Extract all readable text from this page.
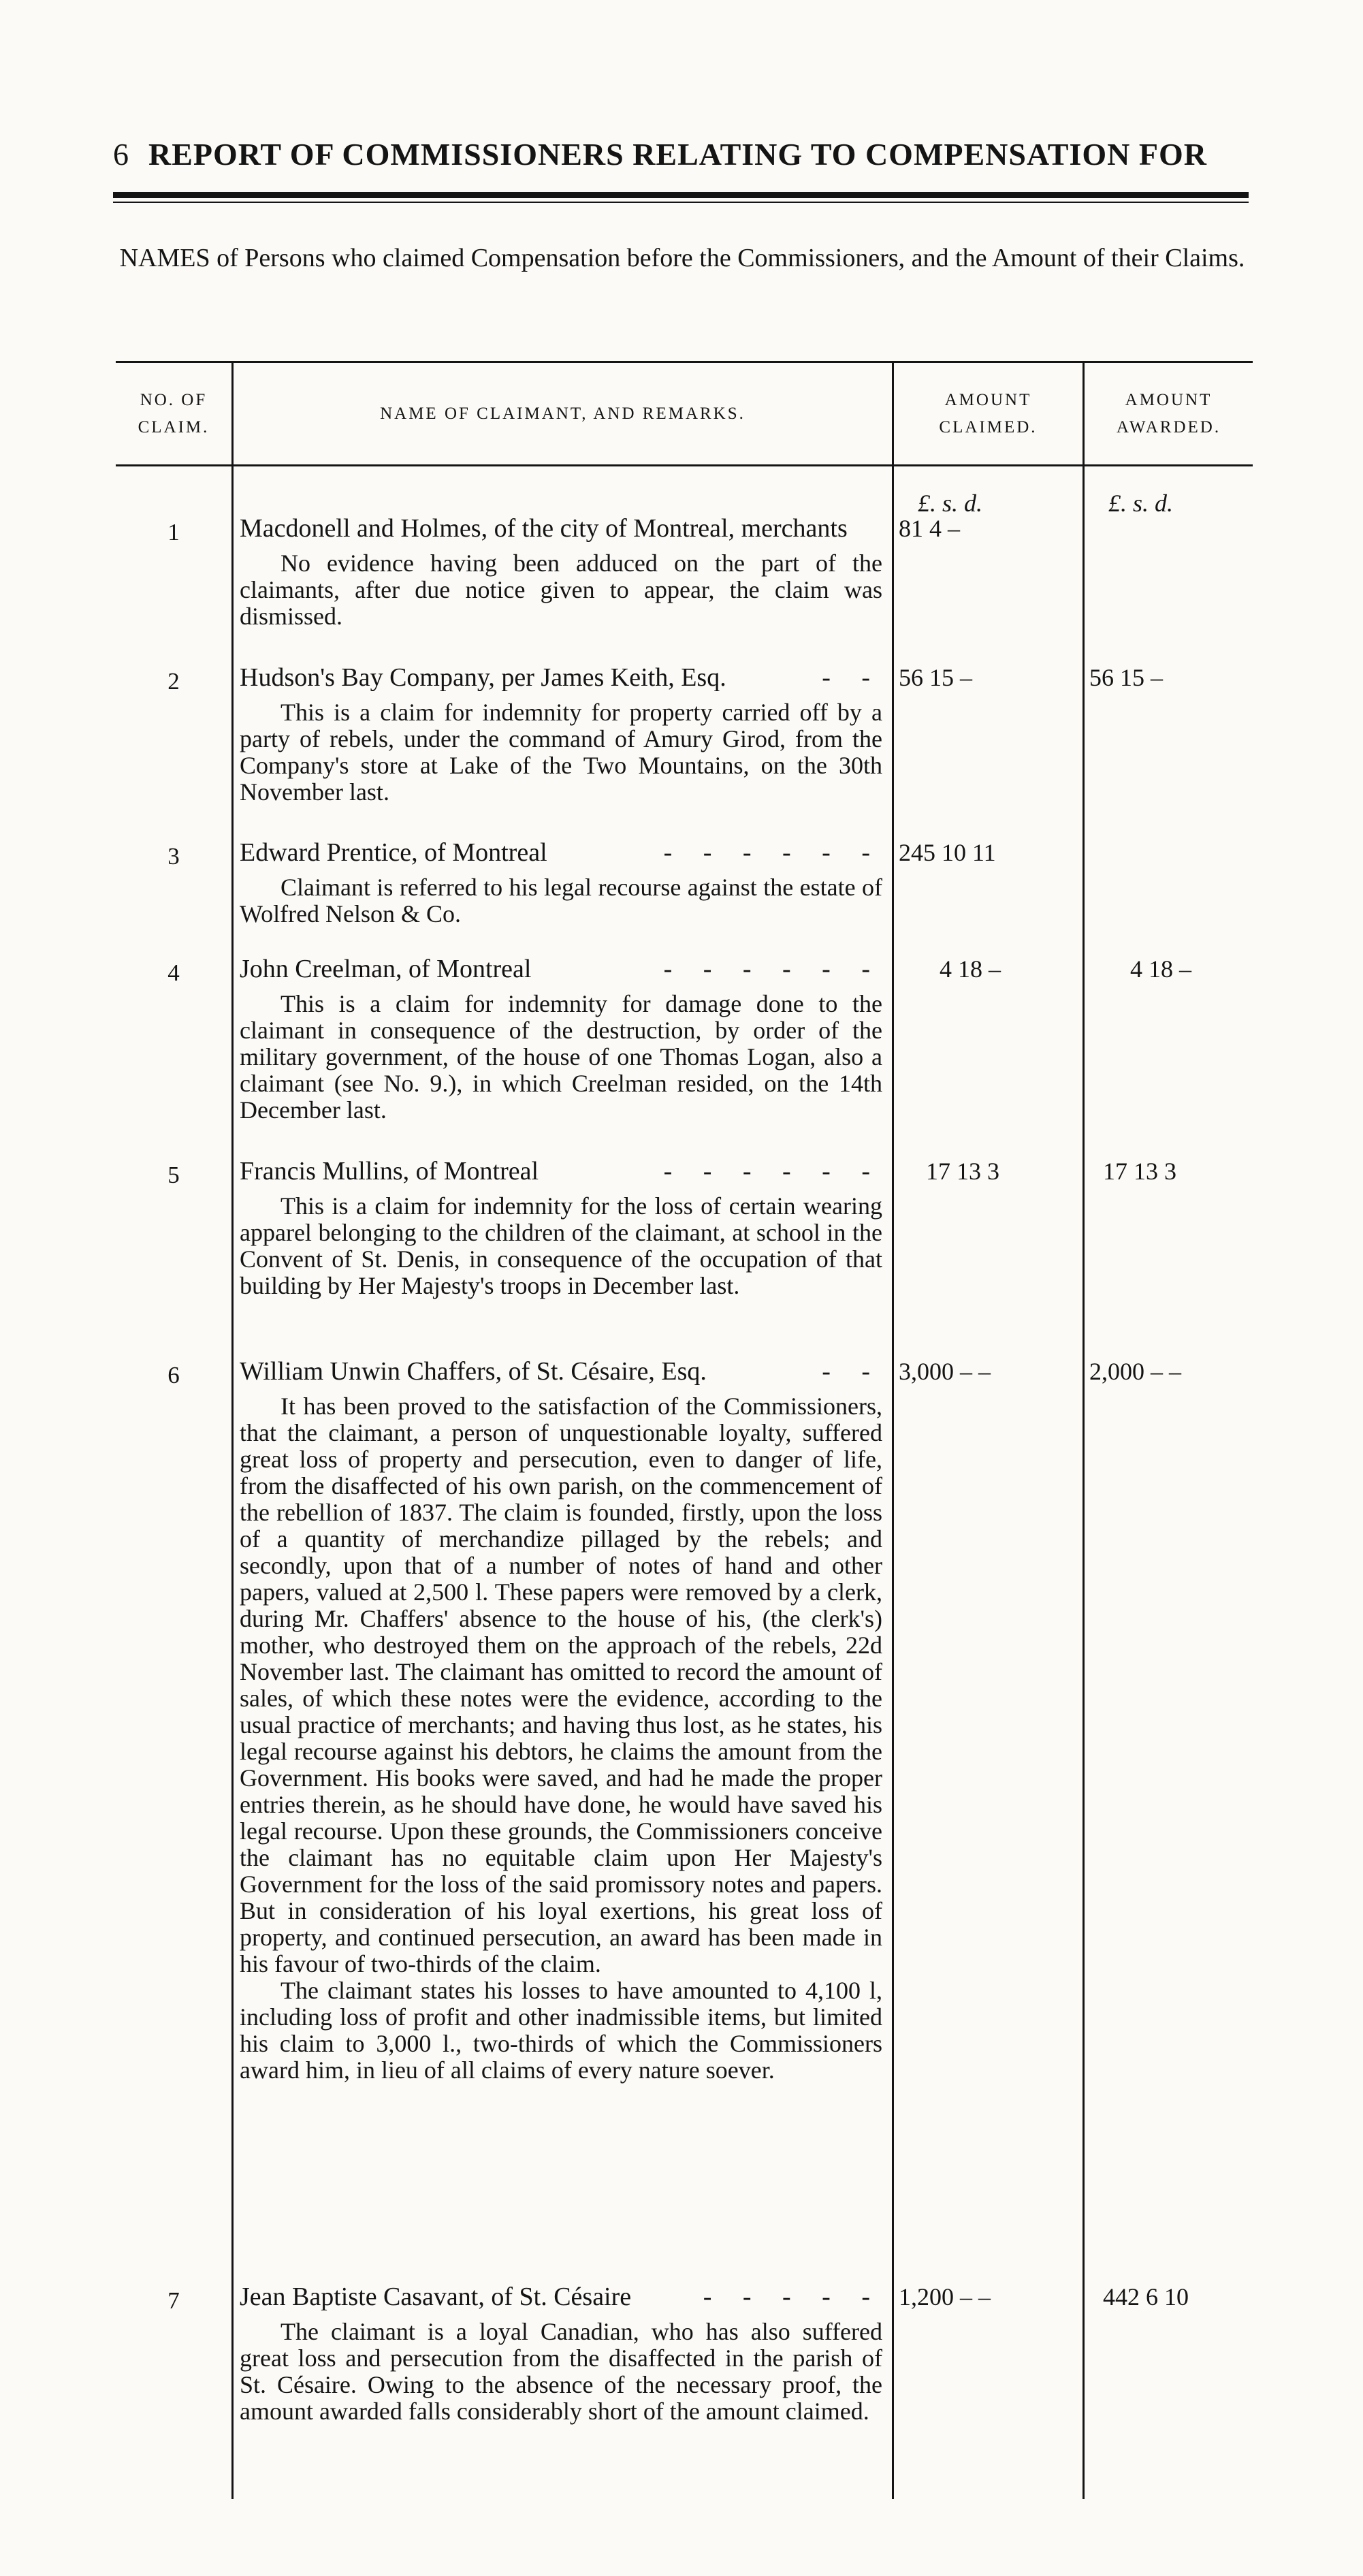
6 REPORT OF COMMISSIONERS RELATING TO COMPENSATION FOR
NAMES of Persons who claimed Compensation before the Commissioners, and the Amount of their Claims.
NO. OF
CLAIM.
NAME OF CLAIMANT, AND REMARKS.
AMOUNT
CLAIMED.
AMOUNT
AWARDED.
£. s. d.	£. s. d.
1	Macdonell and Holmes, of the city of Montreal, merchants
No evidence having been adduced on the part of the claimants, after due notice given to appear, the claim was dismissed.
81 4 –
2	Hudson's Bay Company, per James Keith, Esq.	- -
This is a claim for indemnity for property carried off by a party of rebels, under the command of Amury Girod, from the Company's store at Lake of the Two Mountains, on the 30th November last.
56 15 –	56 15 –
3	Edward Prentice, of Montreal	- - - - - -
Claimant is referred to his legal recourse against the estate of Wolfred Nelson & Co.
245 10 11
4	John Creelman, of Montreal	- - - - - -
This is a claim for indemnity for damage done to the claimant in consequence of the destruction, by order of the military government, of the house of one Thomas Logan, also a claimant (see No. 9.), in which Creelman resided, on the 14th December last.
4 18 –	4 18 –
5	Francis Mullins, of Montreal	- - - - - -
This is a claim for indemnity for the loss of certain wearing apparel belonging to the children of the claimant, at school in the Convent of St. Denis, in consequence of the occupation of that building by Her Majesty's troops in December last.
17 13 3	17 13 3
6	William Unwin Chaffers, of St. Césaire, Esq.	- -

It has been proved to the satisfaction of the Commissioners, that the claimant, a person of unquestionable loyalty, suffered great loss of property and persecution, even to danger of life, from the disaffected of his own parish, on the commencement of the rebellion of 1837. The claim is founded, firstly, upon the loss of a quantity of merchandize pillaged by the rebels; and secondly, upon that of a number of notes of hand and other papers, valued at 2,500 l. These papers were removed by a clerk, during Mr. Chaffers' absence to the house of his, (the clerk's) mother, who destroyed them on the approach of the rebels, 22d November last. The claimant has omitted to record the amount of sales, of which these notes were the evidence, according to the usual practice of merchants; and having thus lost, as he states, his legal recourse against his debtors, he claims the amount from the Government. His books were saved, and had he made the proper entries therein, as he should have done, he would have saved his legal recourse. Upon these grounds, the Commissioners conceive the claimant has no equitable claim upon Her Majesty's Government for the loss of the said promissory notes and papers. But in consideration of his loyal exertions, his great loss of property, and continued persecution, an award has been made in his favour of two-thirds of the claim.

The claimant states his losses to have amounted to 4,100 l, including loss of profit and other inadmissible items, but limited his claim to 3,000 l., two-thirds of which the Commissioners award him, in lieu of all claims of every nature soever.

3,000 – –	2,000 – –
7	Jean Baptiste Casavant, of St. Césaire	- - - - -
The claimant is a loyal Canadian, who has also suffered great loss and persecution from the disaffected in the parish of St. Césaire. Owing to the absence of the necessary proof, the amount awarded falls considerably short of the amount claimed.
1,200 – –	442 6 10
